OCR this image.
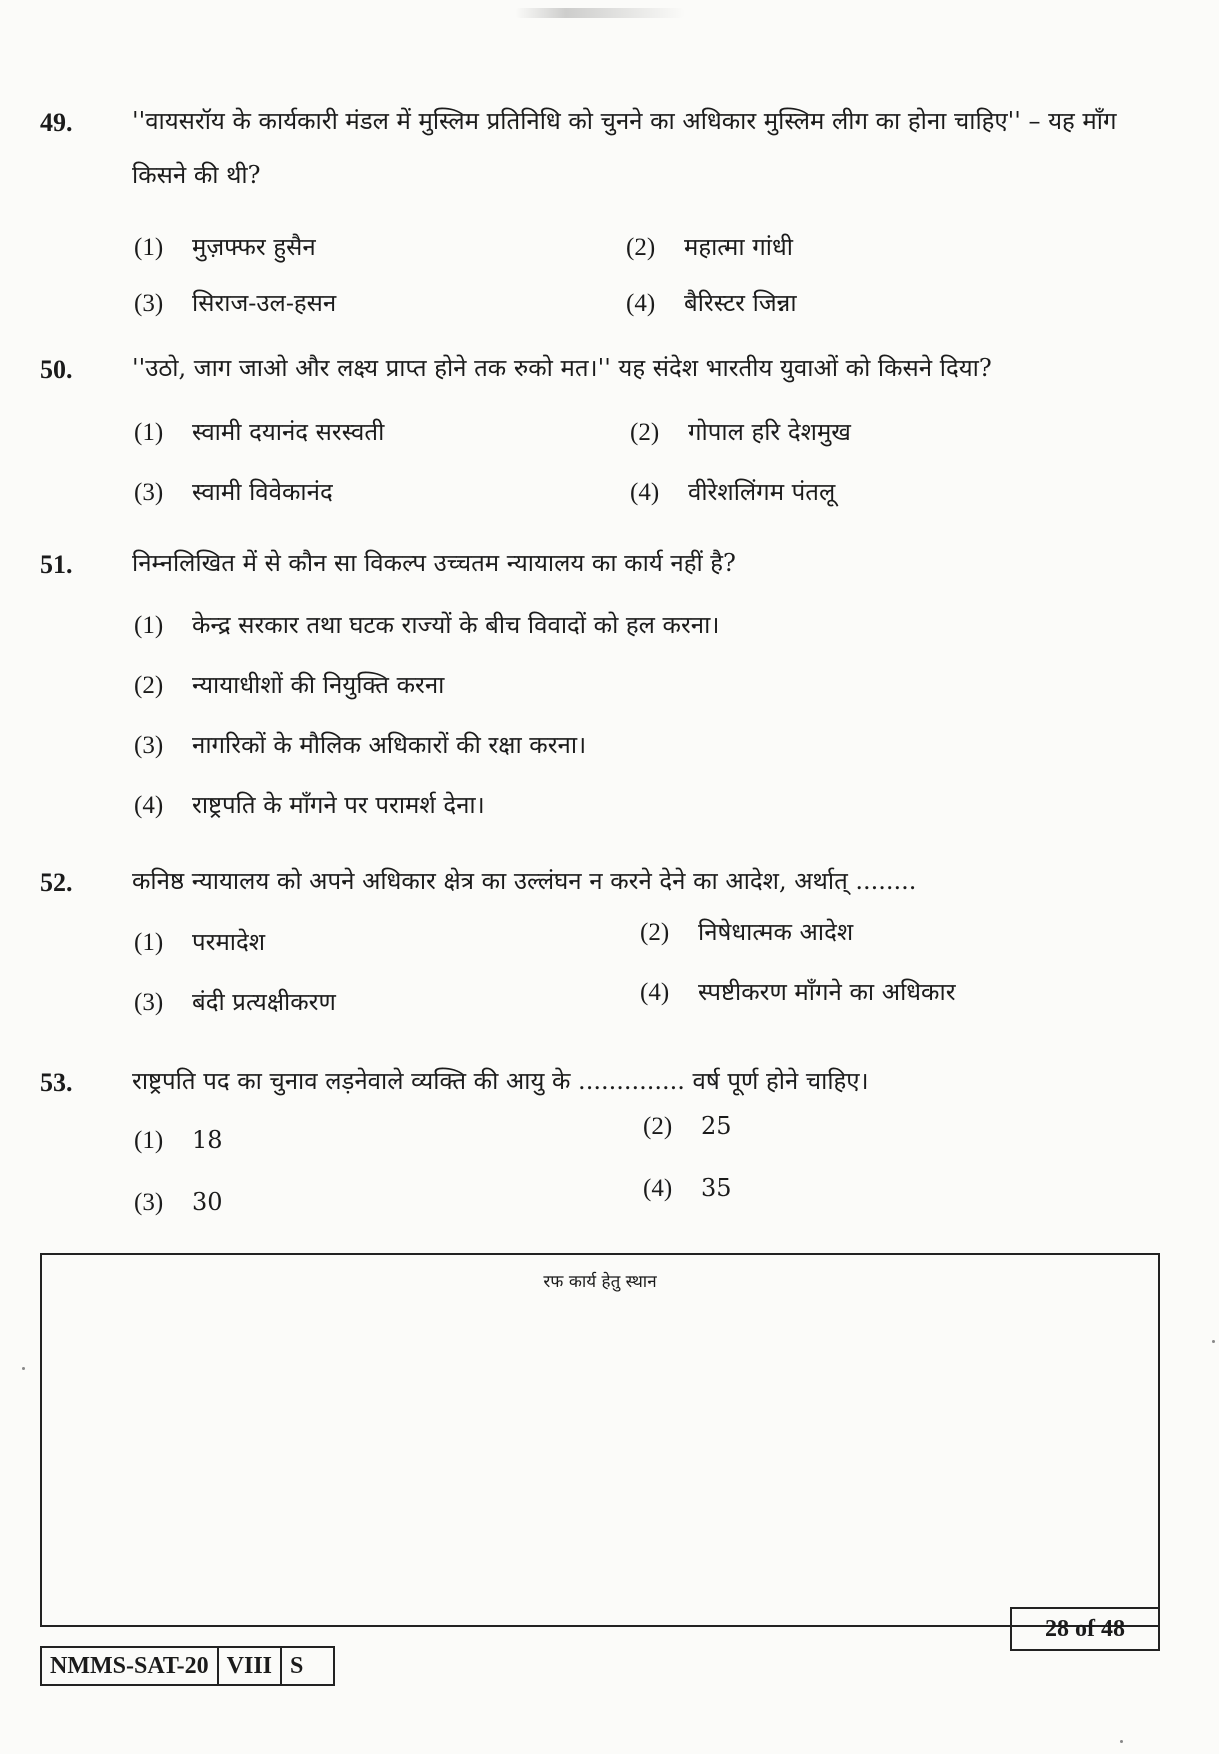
49. ''वायसरॉय के कार्यकारी मंडल में मुस्लिम प्रतिनिधि को चुनने का अधिकार मुस्लिम लीग का होना चाहिए'' – यह माँग किसने की थी?
(1) मुज़फ्फर हुसैन	(2) महात्मा गांधी
(3) सिराज-उल-हसन	(4) बैरिस्टर जिन्ना
50. ''उठो, जाग जाओ और लक्ष्य प्राप्त होने तक रुको मत।'' यह संदेश भारतीय युवाओं को किसने दिया?
(1) स्वामी दयानंद सरस्वती	(2) गोपाल हरि देशमुख
(3) स्वामी विवेकानंद	(4) वीरेशलिंगम पंतलू
51. निम्नलिखित में से कौन सा विकल्प उच्चतम न्यायालय का कार्य नहीं है?
(1) केन्द्र सरकार तथा घटक राज्यों के बीच विवादों को हल करना।
(2) न्यायाधीशों की नियुक्ति करना
(3) नागरिकों के मौलिक अधिकारों की रक्षा करना।
(4) राष्ट्रपति के माँगने पर परामर्श देना।
52. कनिष्ठ न्यायालय को अपने अधिकार क्षेत्र का उल्लंघन न करने देने का आदेश, अर्थात् ........
(1) परमादेश	(2) निषेधात्मक आदेश
(3) बंदी प्रत्यक्षीकरण	(4) स्पष्टीकरण माँगने का अधिकार
53. राष्ट्रपति पद का चुनाव लड़नेवाले व्यक्ति की आयु के .............. वर्ष पूर्ण होने चाहिए।
(1) 18	(2) 25
(3) 30	(4) 35
रफ कार्य हेतु स्थान
28 of 48
NMMS-SAT-20 VIII S
